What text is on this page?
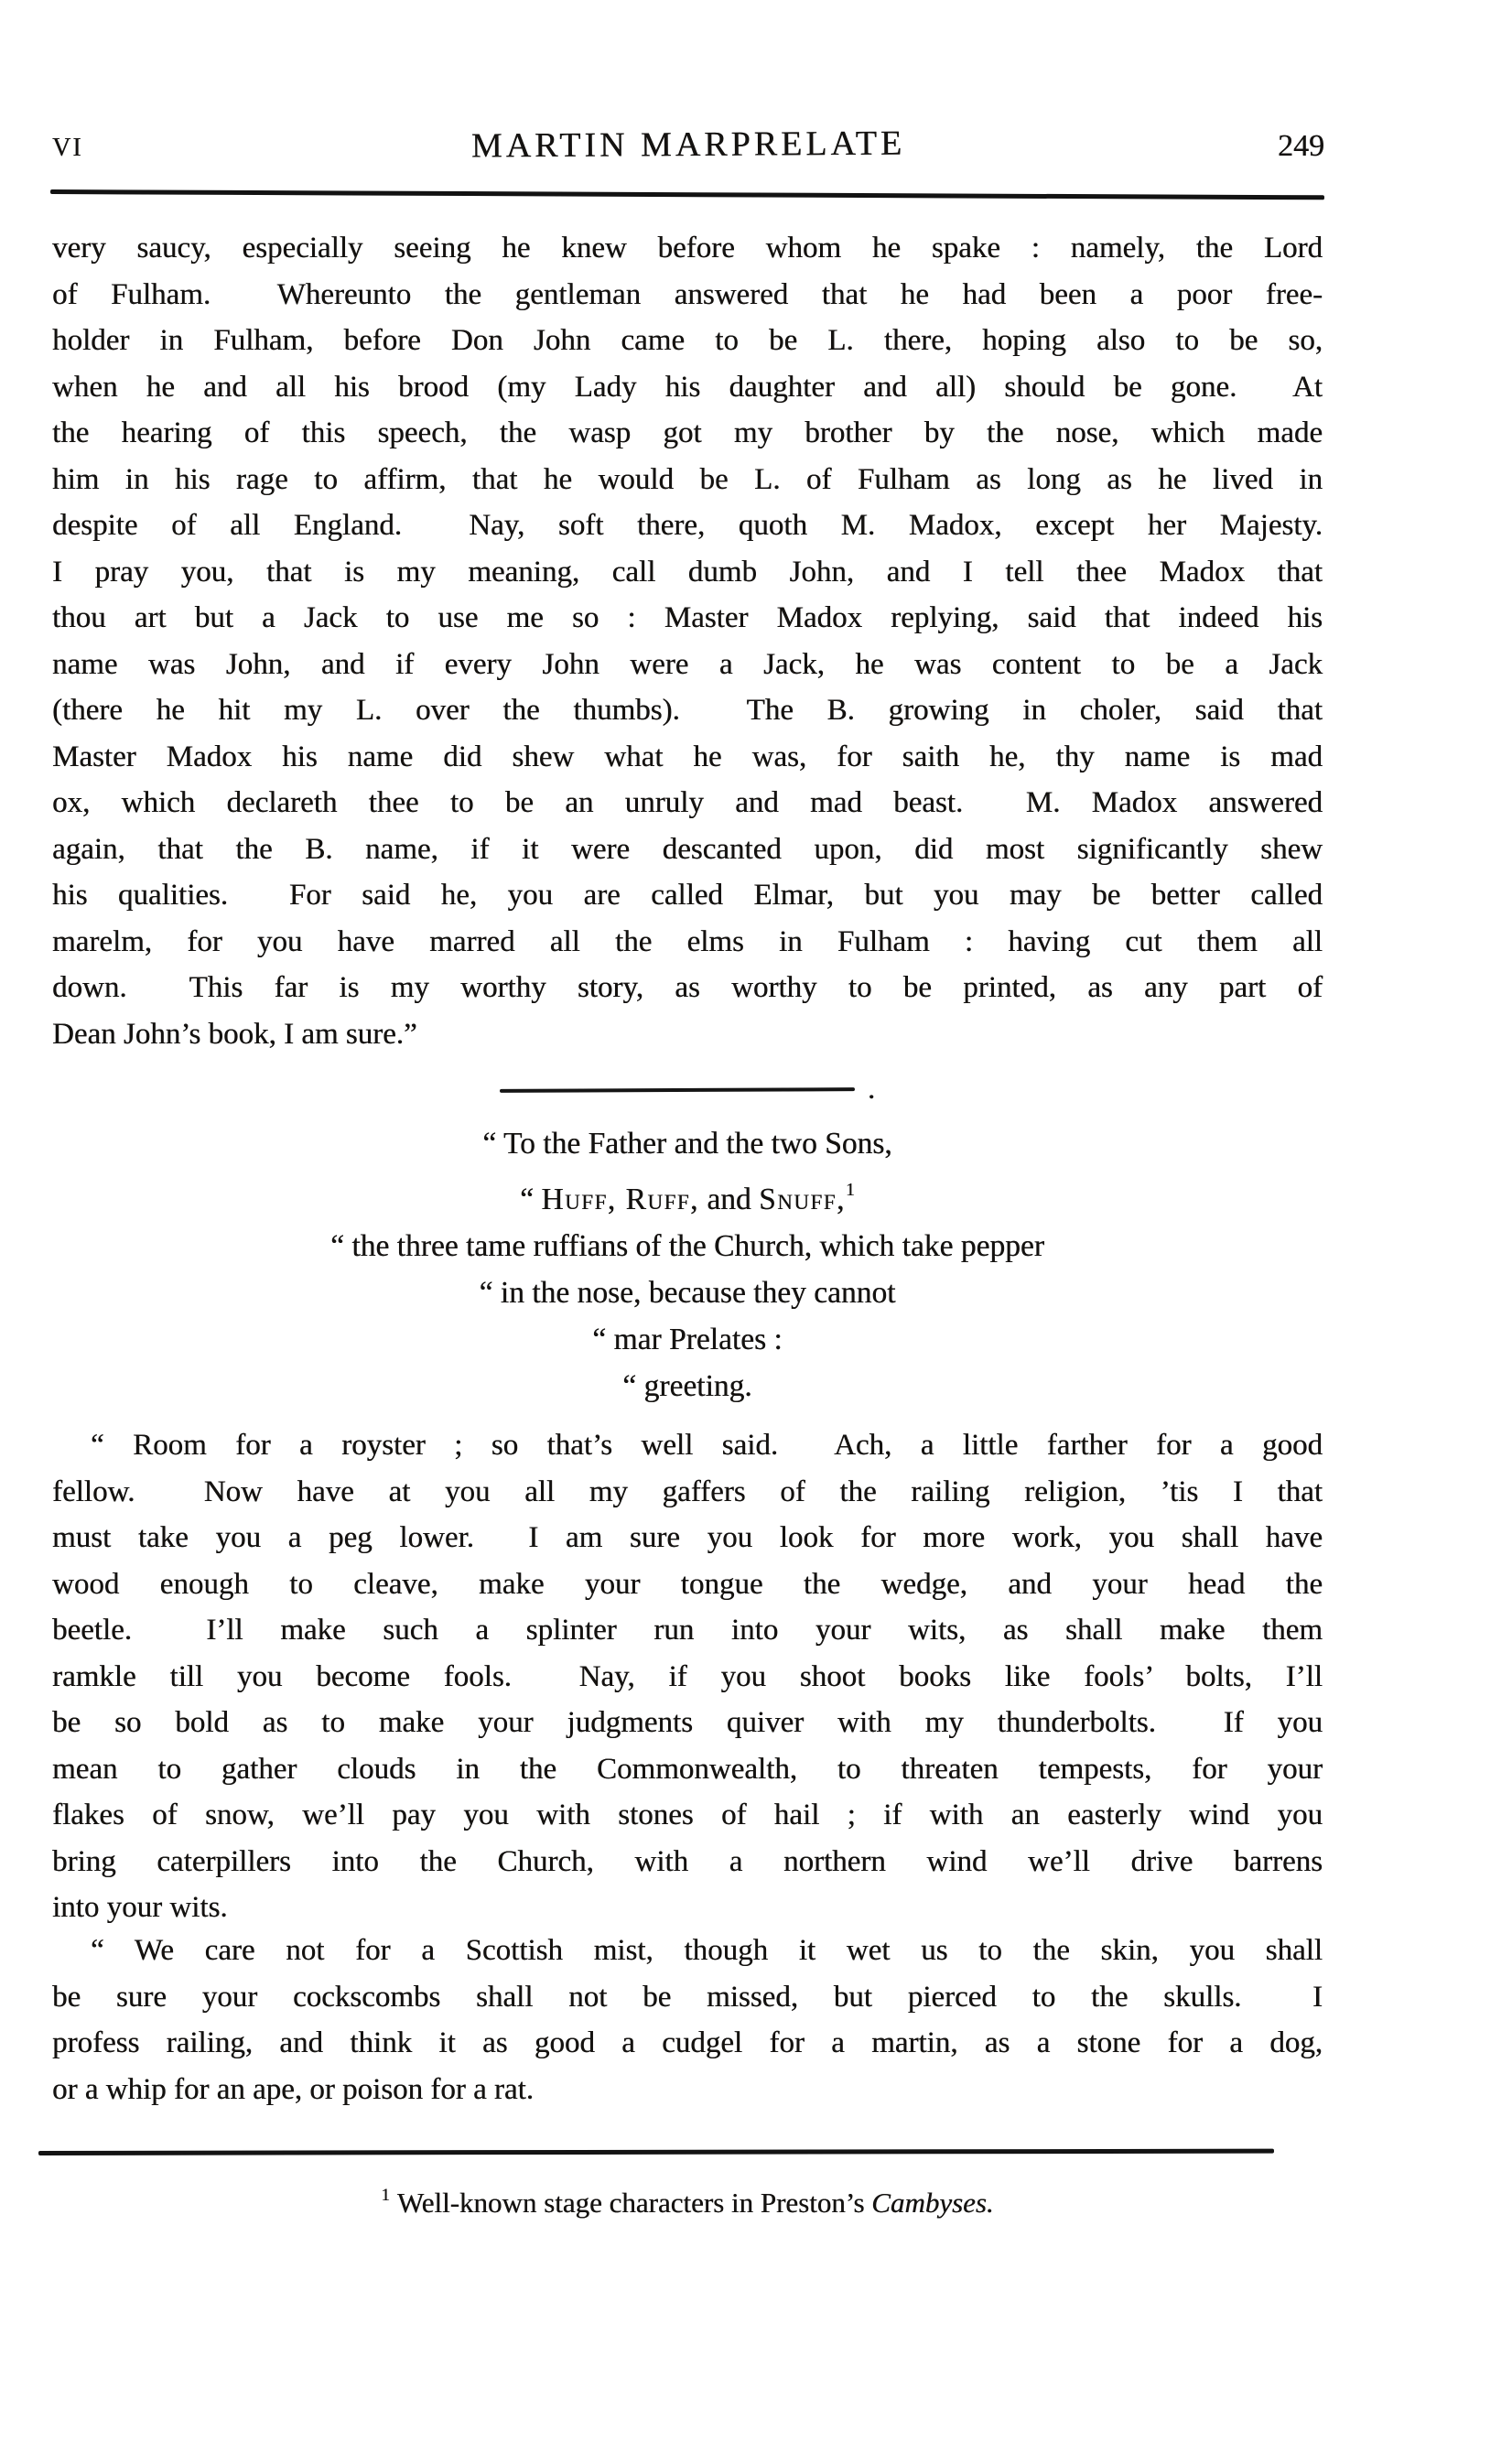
VI	MARTIN MARPRELATE	249
very saucy, especially seeing he knew before whom he spake : namely, the Lord
of Fulham.  Whereunto the gentleman answered that he had been a poor free-
holder in Fulham, before Don John came to be L. there, hoping also to be so,
when he and all his brood (my Lady his daughter and all) should be gone.  At
the hearing of this speech, the wasp got my brother by the nose, which made
him in his rage to affirm, that he would be L. of Fulham as long as he lived in
despite of all England.  Nay, soft there, quoth M. Madox, except her Majesty.
I pray you, that is my meaning, call dumb John, and I tell thee Madox that
thou art but a Jack to use me so : Master Madox replying, said that indeed his
name was John, and if every John were a Jack, he was content to be a Jack
(there he hit my L. over the thumbs).  The B. growing in choler, said that
Master Madox his name did shew what he was, for saith he, thy name is mad
ox, which declareth thee to be an unruly and mad beast.  M. Madox answered
again, that the B. name, if it were descanted upon, did most significantly shew
his qualities.  For said he, you are called Elmar, but you may be better called
marelm, for you have marred all the elms in Fulham : having cut them all
down.  This far is my worthy story, as worthy to be printed, as any part of
Dean John’s book, I am sure.”
.
“ To the Father and the two Sons,
“ Huff, Ruff, and Snuff,$^1$
“ the three tame ruffians of the Church, which take pepper
“ in the nose, because they cannot
“ mar Prelates :
“ greeting.
“ Room for a royster ; so that’s well said.  Ach, a little farther for a good
fellow.  Now have at you all my gaffers of the railing religion, ’tis I that
must take you a peg lower.  I am sure you look for more work, you shall have
wood enough to cleave, make your tongue the wedge, and your head the
beetle.  I’ll make such a splinter run into your wits, as shall make them
ramkle till you become fools.  Nay, if you shoot books like fools’ bolts, I’ll
be so bold as to make your judgments quiver with my thunderbolts.  If you
mean to gather clouds in the Commonwealth, to threaten tempests, for your
flakes of snow, we’ll pay you with stones of hail ; if with an easterly wind you
bring caterpillers into the Church, with a northern wind we’ll drive barrens
into your wits.
“ We care not for a Scottish mist, though it wet us to the skin, you shall
be sure your cockscombs shall not be missed, but pierced to the skulls.  I
profess railing, and think it as good a cudgel for a martin, as a stone for a dog,
or a whip for an ape, or poison for a rat.
$^1$ Well-known stage characters in Preston’s Cambyses.
